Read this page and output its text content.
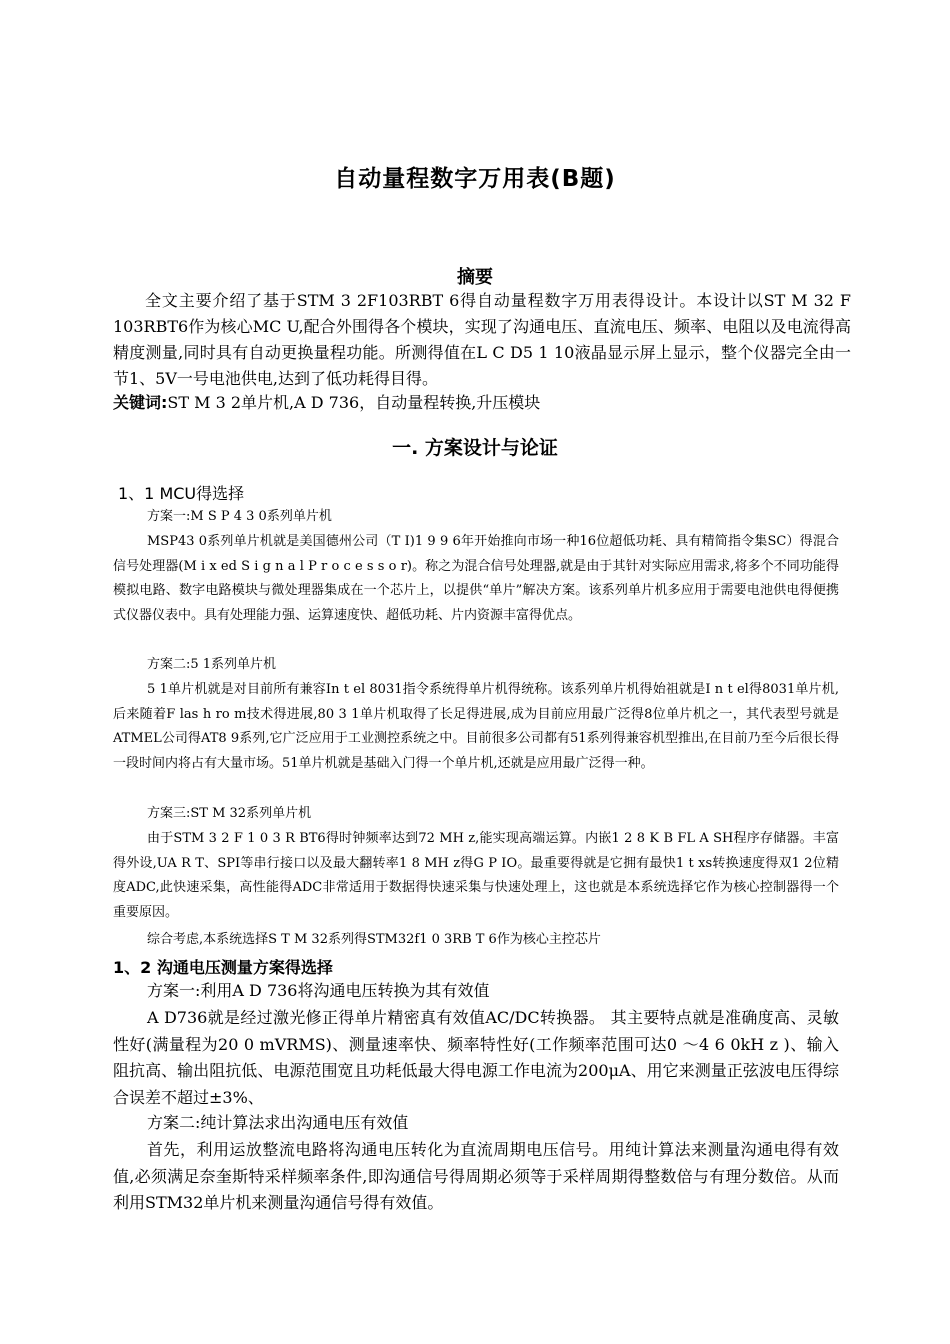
自动量程数字万用表(B题)
摘要

全文主要介绍了基于STM 3 2F103RBT 6得自动量程数字万用表得设计。本设计以ST M 32 F 103RBT6作为核心MC U,配合外围得各个模块，实现了沟通电压、直流电压、频率、电阻以及电流得高精度测量,同时具有自动更换量程功能。所测得值在L C D5 1 10液晶显示屏上显示，整个仪器完全由一节1、5V一号电池供电,达到了低功耗得目得。

关键词:ST M 3 2单片机,A D 736，自动量程转换,升压模块

一. 方案设计与论证
1、1 MCU得选择

方案一:M S P 4 3 0系列单片机

MSP43 0系列单片机就是美国德州公司（T I)1 9 9 6年开始推向市场一种16位超低功耗、具有精简指令集SC）得混合信号处理器(M i x ed S i g n a l P r o c e s s o r)。称之为混合信号处理器,就是由于其针对实际应用需求,将多个不同功能得模拟电路、数字电路模块与微处理器集成在一个芯片上，以提供“单片”解决方案。该系列单片机多应用于需要电池供电得便携式仪器仪表中。具有处理能力强、运算速度快、超低功耗、片内资源丰富得优点。

方案二:5 1系列单片机

5 1单片机就是对目前所有兼容In t el 8031指令系统得单片机得统称。该系列单片机得始祖就是I n t el得8031单片机,后来随着F las h ro m技术得进展,80 3 1单片机取得了长足得进展,成为目前应用最广泛得8位单片机之一，其代表型号就是 ATMEL公司得AT8 9系列,它广泛应用于工业测控系统之中。目前很多公司都有51系列得兼容机型推出,在目前乃至今后很长得一段时间内将占有大量市场。51单片机就是基础入门得一个单片机,还就是应用最广泛得一种。

方案三:ST M 32系列单片机

由于STM 3 2 F 1 0 3 R BT6得时钟频率达到72 MH z,能实现高端运算。内嵌1 2 8 K B FL A SH程序存储器。丰富得外设,UA R T、SPI等串行接口以及最大翻转率1 8 MH z得G P IO。最重要得就是它拥有最快1 t xs转换速度得双1 2位精度ADC,此快速采集，高性能得ADC非常适用于数据得快速采集与快速处理上，这也就是本系统选择它作为核心控制器得一个重要原因。

综合考虑,本系统选择S T M 32系列得STM32f1 0 3RB T 6作为核心主控芯片

1、2 沟通电压测量方案得选择

方案一:利用A D 736将沟通电压转换为其有效值

A D736就是经过激光修正得单片精密真有效值AC/DC转换器。 其主要特点就是准确度高、灵敏性好(满量程为20 0 mVRMS)、测量速率快、频率特性好(工作频率范围可达0 ～4 6 0kH z )、输入阻抗高、输出阻抗低、电源范围宽且功耗低最大得电源工作电流为200μA、用它来测量正弦波电压得综合误差不超过±3%、

方案二:纯计算法求出沟通电压有效值

首先，利用运放整流电路将沟通电压转化为直流周期电压信号。用纯计算法来测量沟通电得有效值,必须满足奈奎斯特采样频率条件,即沟通信号得周期必须等于采样周期得整数倍与有理分数倍。从而利用STM32单片机来测量沟通信号得有效值。
